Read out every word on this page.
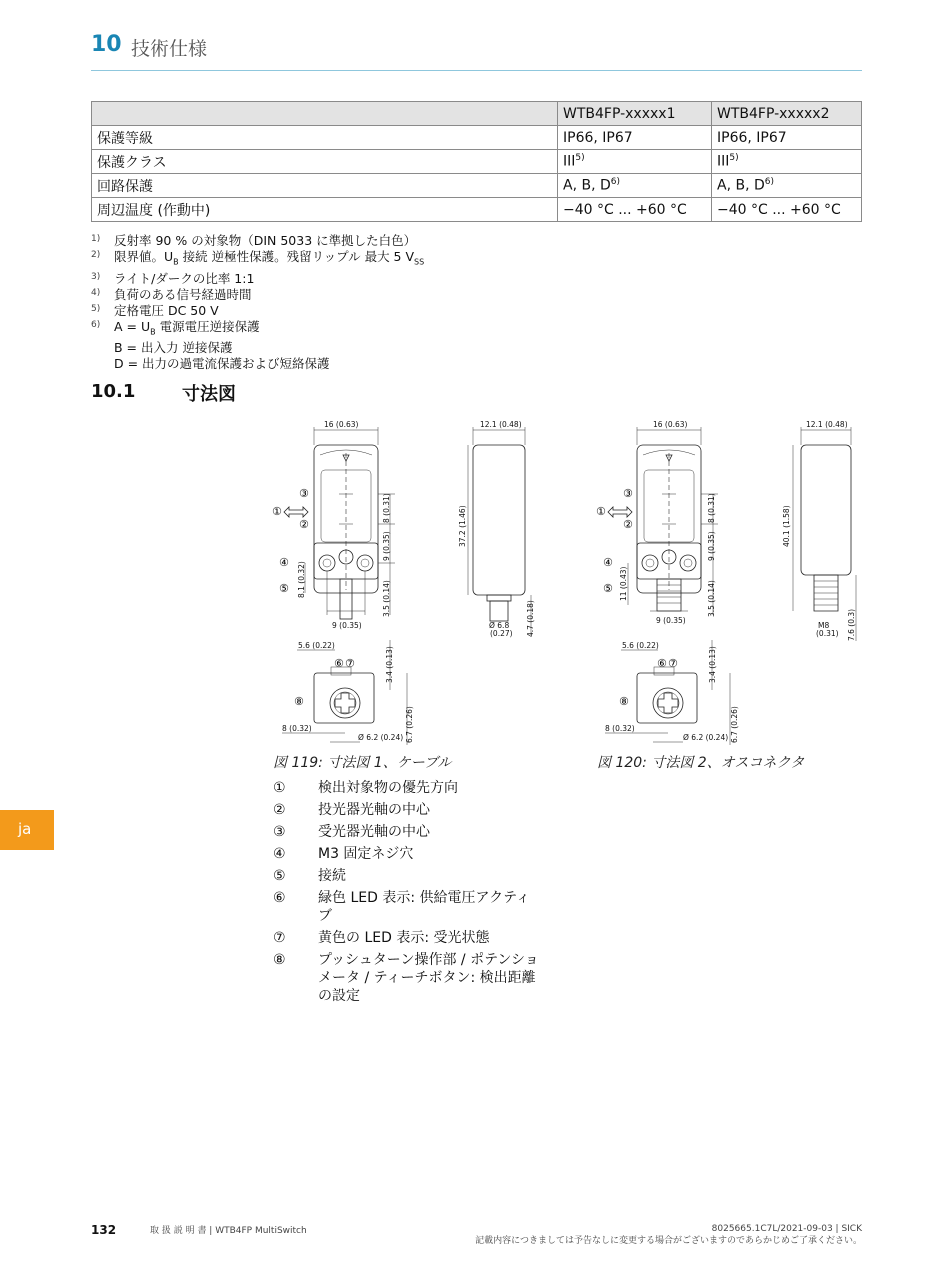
10 技術仕様
	WTB4FP-xxxxx1	WTB4FP-xxxxx2
保護等級	IP66, IP67	IP66, IP67
保護クラス	III$^{5)}$	III$^{5)}$
回路保護	A, B, $D^{6)}$	A, B, $D^{6)}$
周辺温度 (作動中)	−40 °C ... +60 °C	−40 °C ... +60 °C
1) 反射率 90 % の対象物（DIN 5033 に準拠した白色）
2) 限界値。$U_B$ 接続 逆極性保護。残留リップル 最大 5 $V_{SS}$
3) ライト/ダークの比率 1:1
4) 負荷のある信号経過時間
5) 定格電圧 DC 50 V
6) $A = U_B$ 電源電圧逆接保護
B = 出入力 逆接保護
D = 出力の過電流保護および短絡保護
10.1	寸法図
16 (0.63)
8 (0.31)
9 (0.35)
3.5 (0.14)
8.1 (0.32)
9 (0.35)
③
①
②
④
⑤
12.1 (0.48)
37.2 (1.46)
Ø 6.8
(0.27) 4.7 (0.18)
5.6 (0.22)
⑥ ⑦
⑧
3.4 (0.13)
6.7 (0.26)
8 (0.32)
Ø 6.2 (0.24)
16 (0.63)
8 (0.31)
9 (0.35)
3.5 (0.14)
11 (0.43)
9 (0.35)
③
①
②
④
⑤
12.1 (0.48)
40.1 (1.58)
M8
(0.31) 7.6 (0.3)
5.6 (0.22)
⑥ ⑦
⑧
3.4 (0.13)
6.7 (0.26)
8 (0.32)
Ø 6.2 (0.24)
図 119: 寸法図 1、ケーブル	図 120: 寸法図 2、オスコネクタ
①	検出対象物の優先方向
②	投光器光軸の中心
③	受光器光軸の中心
④	M3 固定ネジ穴
⑤	接続
⑥	緑色 LED 表示: 供給電圧アクティブ
⑦	黄色の LED 表示: 受光状態
⑧	プッシュターン操作部 / ポテンショメータ / ティーチボタン: 検出距離の設定
ja
132	取 扱 説 明 書 | WTB4FP MultiSwitch	8025665.1C7L/2021-09-03 | SICK
記載内容につきましては予告なしに変更する場合がございますのであらかじめご了承ください。
